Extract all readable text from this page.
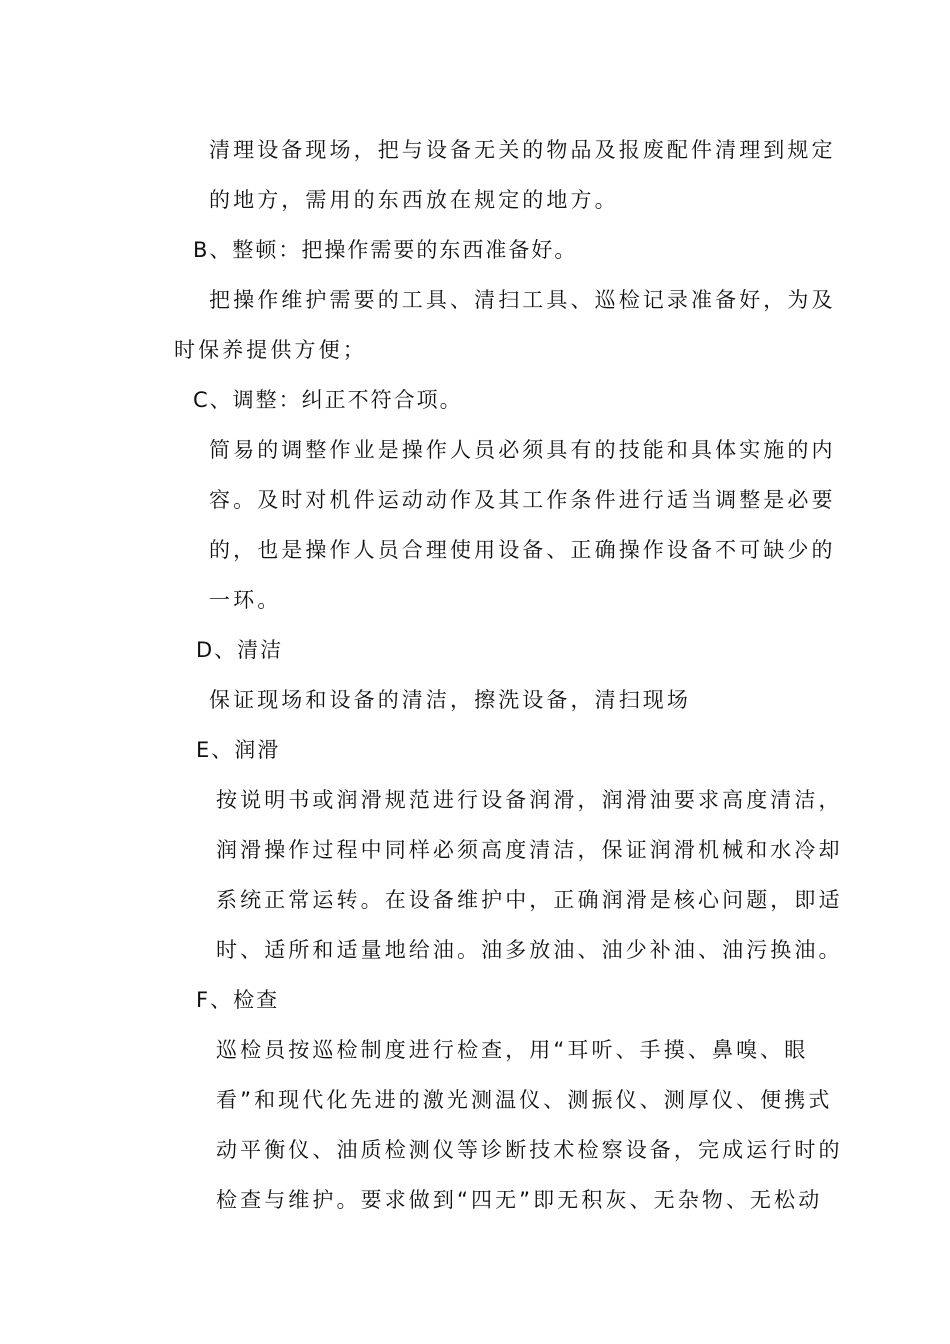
清理设备现场，把与设备无关的物品及报废配件清理到规定
的地方，需用的东西放在规定的地方。
B、整顿：把操作需要的东西准备好。
把操作维护需要的工具、清扫工具、巡检记录准备好，为及
时保养提供方便；
C、调整：纠正不符合项。
简易的调整作业是操作人员必须具有的技能和具体实施的内
容。及时对机件运动动作及其工作条件进行适当调整是必要
的，也是操作人员合理使用设备、正确操作设备不可缺少的
一环。
D、清洁
保证现场和设备的清洁，擦洗设备，清扫现场
E、润滑
按说明书或润滑规范进行设备润滑，润滑油要求高度清洁，
润滑操作过程中同样必须高度清洁，保证润滑机械和水冷却
系统正常运转。在设备维护中，正确润滑是核心问题，即适
时、适所和适量地给油。油多放油、油少补油、油污换油。
F、检查
巡检员按巡检制度进行检查，用“耳听、手摸、鼻嗅、眼
看”和现代化先进的激光测温仪、测振仪、测厚仪、便携式
动平衡仪、油质检测仪等诊断技术检察设备，完成运行时的
检查与维护。要求做到“四无”即无积灰、无杂物、无松动
